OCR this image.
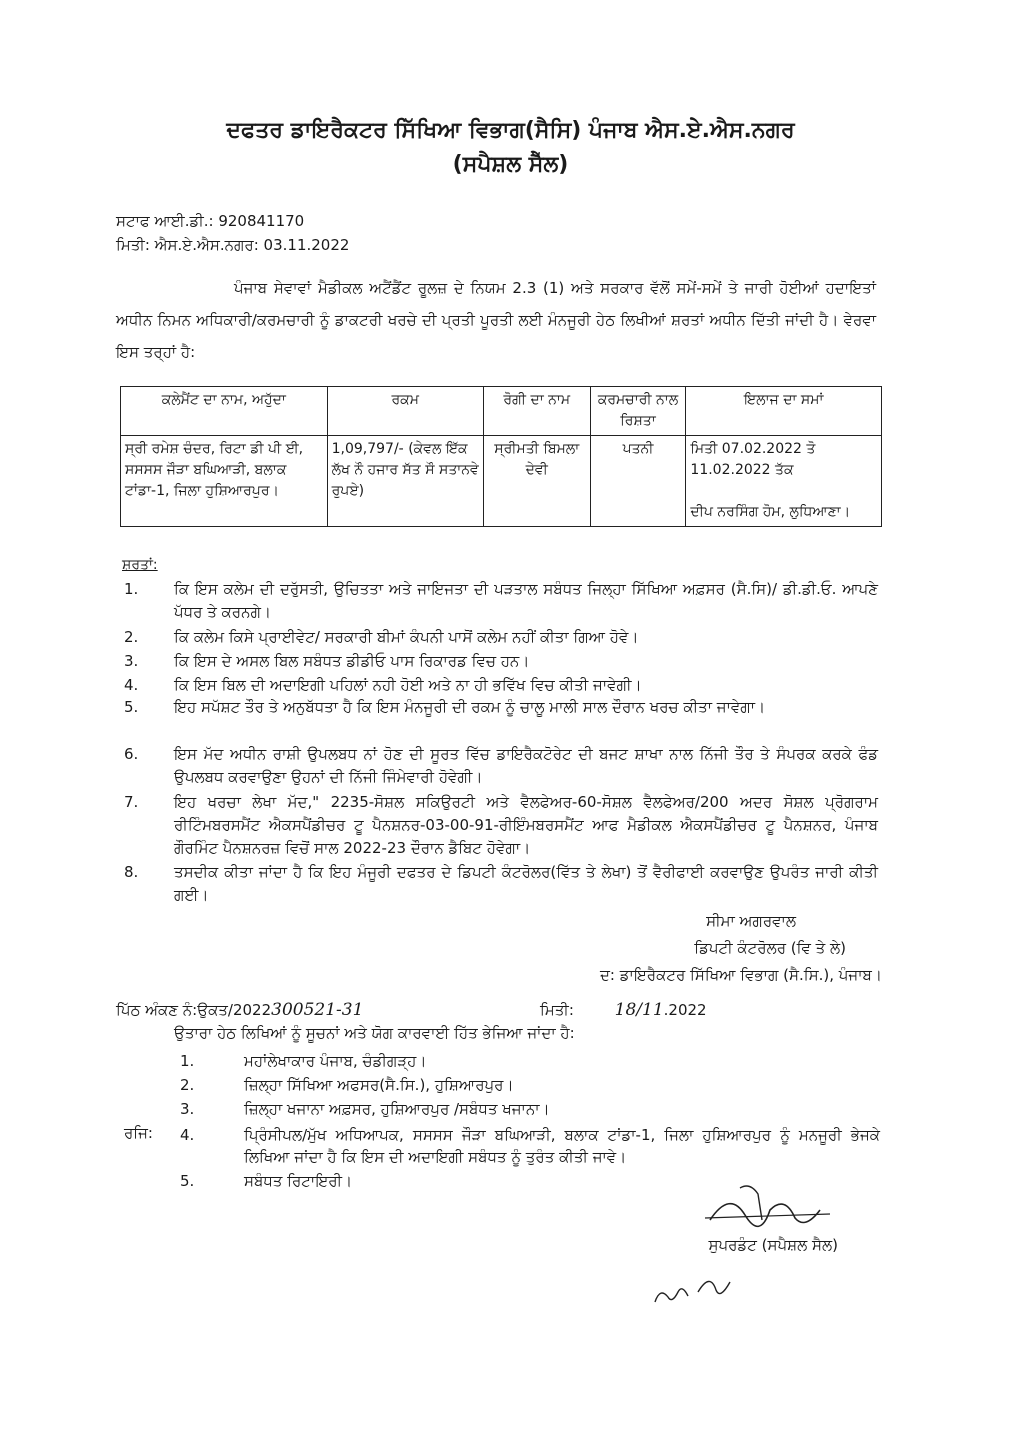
ਦਫਤਰ ਡਾਇਰੈਕਟਰ ਸਿੱਖਿਆ ਵਿਭਾਗ(ਸੈਸਿ) ਪੰਜਾਬ ਐਸ.ਏ.ਐਸ.ਨਗਰ
(ਸਪੈਸ਼ਲ ਸੈੱਲ)
ਸਟਾਫ ਆਈ.ਡੀ.: 920841170
ਮਿਤੀ: ਐਸ.ਏ.ਐਸ.ਨਗਰ: 03.11.2022
ਪੰਜਾਬ ਸੇਵਾਵਾਂ ਮੈਡੀਕਲ ਅਟੈਂਡੈਂਟ ਰੂਲਜ਼ ਦੇ ਨਿਯਮ 2.3 (1) ਅਤੇ ਸਰਕਾਰ ਵੱਲੋਂ ਸਮੇਂ-ਸਮੇਂ ਤੇ ਜਾਰੀ ਹੋਈਆਂ ਹਦਾਇਤਾਂ ਅਧੀਨ ਨਿਮਨ ਅਧਿਕਾਰੀ/ਕਰਮਚਾਰੀ ਨੂੰ ਡਾਕਟਰੀ ਖਰਚੇ ਦੀ ਪ੍ਰਤੀ ਪੂਰਤੀ ਲਈ ਮੰਨਜੂਰੀ ਹੇਠ ਲਿਖੀਆਂ ਸ਼ਰਤਾਂ ਅਧੀਨ ਦਿੱਤੀ ਜਾਂਦੀ ਹੈ। ਵੇਰਵਾ ਇਸ ਤਰ੍ਹਾਂ ਹੈ:
ਕਲੇਮੈਂਟ ਦਾ ਨਾਮ, ਅਹੁੱਦਾ	ਰਕਮ	ਰੋਗੀ ਦਾ ਨਾਮ	ਕਰਮਚਾਰੀ ਨਾਲ ਰਿਸ਼ਤਾ	ਇਲਾਜ ਦਾ ਸਮਾਂ
ਸ੍ਰੀ ਰਮੇਸ਼ ਚੰਦਰ, ਰਿਟਾ ਡੀ ਪੀ ਈ, ਸਸਸਸ ਜੌੜਾ ਬਘਿਆੜੀ, ਬਲਾਕ ਟਾਂਡਾ-1, ਜਿਲਾ ਹੁਸ਼ਿਆਰਪੁਰ।	1,09,797/- (ਕੇਵਲ ਇੱਕ ਲੱਖ ਨੌ ਹਜਾਰ ਸੱਤ ਸੌ ਸਤਾਨਵੇ ਰੁਪਏ)	ਸ੍ਰੀਮਤੀ ਬਿਮਲਾ ਦੇਵੀ	ਪਤਨੀ	ਮਿਤੀ 07.02.2022 ਤੋ 11.02.2022 ਤੱਕ
ਦੀਪ ਨਰਸਿੰਗ ਹੋਮ, ਲੁਧਿਆਣਾ।
ਸ਼ਰਤਾਂ:
1.	ਕਿ ਇਸ ਕਲੇਮ ਦੀ ਦਰੁੱਸਤੀ, ਉਚਿਤਤਾ ਅਤੇ ਜਾਇਜਤਾ ਦੀ ਪੜਤਾਲ ਸਬੰਧਤ ਜਿਲ੍ਹਾ ਸਿੱਖਿਆ ਅਫ਼ਸਰ (ਸੈ.ਸਿ)/ ਡੀ.ਡੀ.ਓ. ਆਪਣੇ ਪੱਧਰ ਤੇ ਕਰਨਗੇ।
2.	ਕਿ ਕਲੇਮ ਕਿਸੇ ਪ੍ਰਾਈਵੇਟ/ ਸਰਕਾਰੀ ਬੀਮਾਂ ਕੰਪਨੀ ਪਾਸੋਂ ਕਲੇਮ ਨਹੀਂ ਕੀਤਾ ਗਿਆ ਹੋਵੇ।
3.	ਕਿ ਇਸ ਦੇ ਅਸਲ ਬਿਲ ਸਬੰਧਤ ਡੀਡੀਓ ਪਾਸ ਰਿਕਾਰਡ ਵਿਚ ਹਨ।
4.	ਕਿ ਇਸ ਬਿਲ ਦੀ ਅਦਾਇਗੀ ਪਹਿਲਾਂ ਨਹੀ ਹੋਈ ਅਤੇ ਨਾ ਹੀ ਭਵਿੱਖ ਵਿਚ ਕੀਤੀ ਜਾਵੇਗੀ।
5.	ਇਹ ਸਪੱਸ਼ਟ ਤੌਰ ਤੇ ਅਨੁਬੱਧਤਾ ਹੈ ਕਿ ਇਸ ਮੰਨਜੂਰੀ ਦੀ ਰਕਮ ਨੂੰ ਚਾਲੂ ਮਾਲੀ ਸਾਲ ਦੌਰਾਨ ਖਰਚ ਕੀਤਾ ਜਾਵੇਗਾ।
6.	ਇਸ ਮੱਦ ਅਧੀਨ ਰਾਸ਼ੀ ਉਪਲਬਧ ਨਾਂ ਹੋਣ ਦੀ ਸੂਰਤ ਵਿੱਚ ਡਾਇਰੈਕਟੋਰੇਟ ਦੀ ਬਜਟ ਸ਼ਾਖਾ ਨਾਲ ਨਿੱਜੀ ਤੌਰ ਤੇ ਸੰਪਰਕ ਕਰਕੇ ਫੰਡ ਉਪਲਬਧ ਕਰਵਾਉਣਾ ਉਹਨਾਂ ਦੀ ਨਿੱਜੀ ਜਿੰਮੇਵਾਰੀ ਹੋਵੇਗੀ।
7.	ਇਹ ਖਰਚਾ ਲੇਖਾ ਮੱਦ," 2235-ਸੋਸ਼ਲ ਸਕਿਉਰਟੀ ਅਤੇ ਵੈਲਫੇਅਰ-60-ਸੋਸ਼ਲ ਵੈਲਫੇਅਰ/200 ਅਦਰ ਸੋਸ਼ਲ ਪ੍ਰੋਗਰਾਮ ਰੀਟਿੰਮਬਰਸਮੈਂਟ ਐਕਸਪੈਂਡੀਚਰ ਟੂ ਪੈਨਸ਼ਨਰ-03-00-91-ਰੀਇੰਮਬਰਸਮੈਂਟ ਆਫ ਮੈਡੀਕਲ ਐਕਸਪੈਂਡੀਚਰ ਟੂ ਪੈਨਸ਼ਨਰ, ਪੰਜਾਬ ਗੌਰਮਿੰਟ ਪੈਨਸ਼ਨਰਜ਼ ਵਿਚੋਂ ਸਾਲ 2022-23 ਦੌਰਾਨ ਡੈਬਿਟ ਹੋਵੇਗਾ।
8.	ਤਸਦੀਕ ਕੀਤਾ ਜਾਂਦਾ ਹੈ ਕਿ ਇਹ ਮੰਜੂਰੀ ਦਫਤਰ ਦੇ ਡਿਪਟੀ ਕੰਟਰੋਲਰ(ਵਿੱਤ ਤੇ ਲੇਖਾ) ਤੋਂ ਵੈਰੀਫਾਈ ਕਰਵਾਉਣ ਉਪਰੰਤ ਜਾਰੀ ਕੀਤੀ ਗਈ।
ਸੀਮਾ ਅਗਰਵਾਲ
ਡਿਪਟੀ ਕੰਟਰੋਲਰ (ਵਿ ਤੇ ਲੇ)
ਦ: ਡਾਇਰੈਕਟਰ ਸਿੱਖਿਆ ਵਿਭਾਗ (ਸੈ.ਸਿ.), ਪੰਜਾਬ।
ਪਿੱਠ ਅੰਕਣ ਨੰ:ਉਕਤ/2022300521-31	ਮਿਤੀ: 18/11.2022
ਉਤਾਰਾ ਹੇਠ ਲਿਖਿਆਂ ਨੂੰ ਸੂਚਨਾਂ ਅਤੇ ਯੋਗ ਕਾਰਵਾਈ ਹਿੱਤ ਭੇਜਿਆ ਜਾਂਦਾ ਹੈ:
1.	ਮਹਾਂਲੇਖਾਕਾਰ ਪੰਜਾਬ, ਚੰਡੀਗੜ੍ਹ।
2.	ਜ਼ਿਲ੍ਹਾ ਸਿੱਖਿਆ ਅਫਸਰ(ਸੈ.ਸਿ.), ਹੁਸ਼ਿਆਰਪੁਰ।
3.	ਜ਼ਿਲ੍ਹਾ ਖਜਾਨਾ ਅਫ਼ਸਰ, ਹੁਸ਼ਿਆਰਪੁਰ /ਸਬੰਧਤ ਖਜਾਨਾ।
ਰਜਿ: 4.	ਪ੍ਰਿੰਸੀਪਲ/ਮੁੱਖ ਅਧਿਆਪਕ, ਸਸਸਸ ਜੌੜਾ ਬਘਿਆੜੀ, ਬਲਾਕ ਟਾਂਡਾ-1, ਜਿਲਾ ਹੁਸ਼ਿਆਰਪੁਰ ਨੂੰ ਮਨਜੂਰੀ ਭੇਜਕੇ ਲਿਖਿਆ ਜਾਂਦਾ ਹੈ ਕਿ ਇਸ ਦੀ ਅਦਾਇਗੀ ਸਬੰਧਤ ਨੂੰ ਤੁਰੰਤ ਕੀਤੀ ਜਾਵੇ।
5.	ਸਬੰਧਤ ਰਿਟਾਇਰੀ।
ਸੁਪਰਡੰਟ (ਸਪੈਸ਼ਲ ਸੈਲ)
